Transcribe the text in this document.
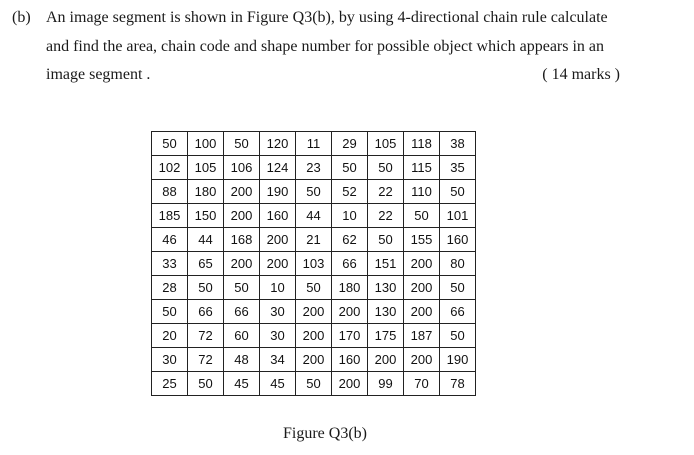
(b) An image segment is shown in Figure Q3(b), by using 4-directional chain rule calculate
and find the area, chain code and shape number for possible object which appears in an
image segment .	( 14 marks )
50	100	50	120	11	29	105	118	38
102	105	106	124	23	50	50	115	35
88	180	200	190	50	52	22	110	50
185	150	200	160	44	10	22	50	101
46	44	168	200	21	62	50	155	160
33	65	200	200	103	66	151	200	80
28	50	50	10	50	180	130	200	50
50	66	66	30	200	200	130	200	66
20	72	60	30	200	170	175	187	50
30	72	48	34	200	160	200	200	190
25	50	45	45	50	200	99	70	78
Figure Q3(b)
